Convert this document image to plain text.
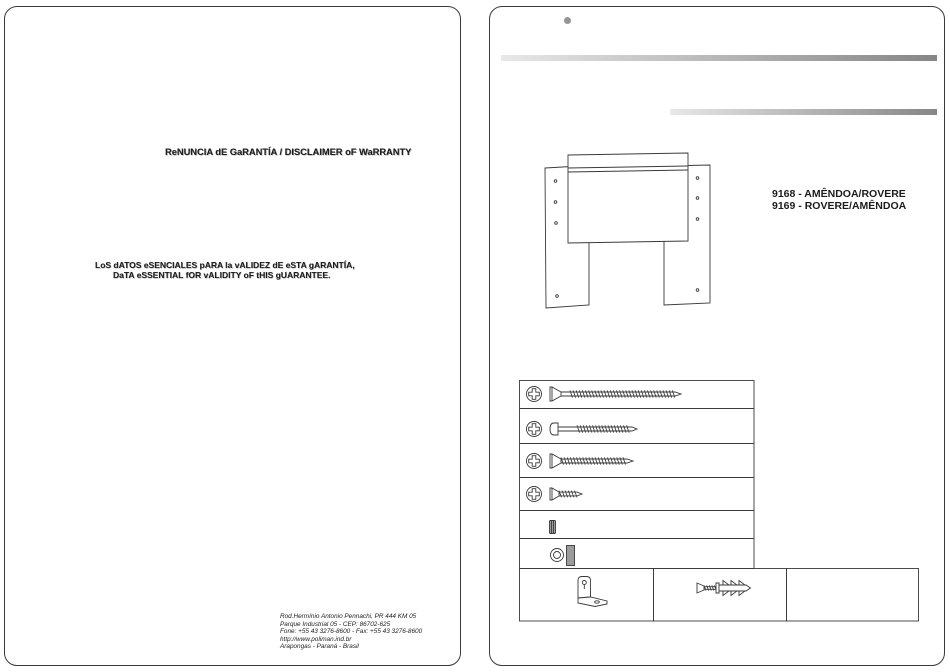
ReNUNCIA dE GaRANTÍA / DISCLAIMER oF WaRRANTY
LoS dATOS eSENCIALES pARA la vALIDEZ dE eSTA gARANTÍA,
DaTA eSSENTIAL fOR vALIDITY oF tHIS gUARANTEE.
Rod.Hermínio Antonio Pennachi, PR 444 KM 05
Parque Industrial 05 - CEP: 86702-625
Fone: +55 43 3276-8600 - Fax: +55 43 3276-8600
http://www.poliman.ind.br
Arapongas - Paraná - Brasil
9168 - AMÊNDOA/ROVERE
9169 - ROVERE/AMÊNDOA
